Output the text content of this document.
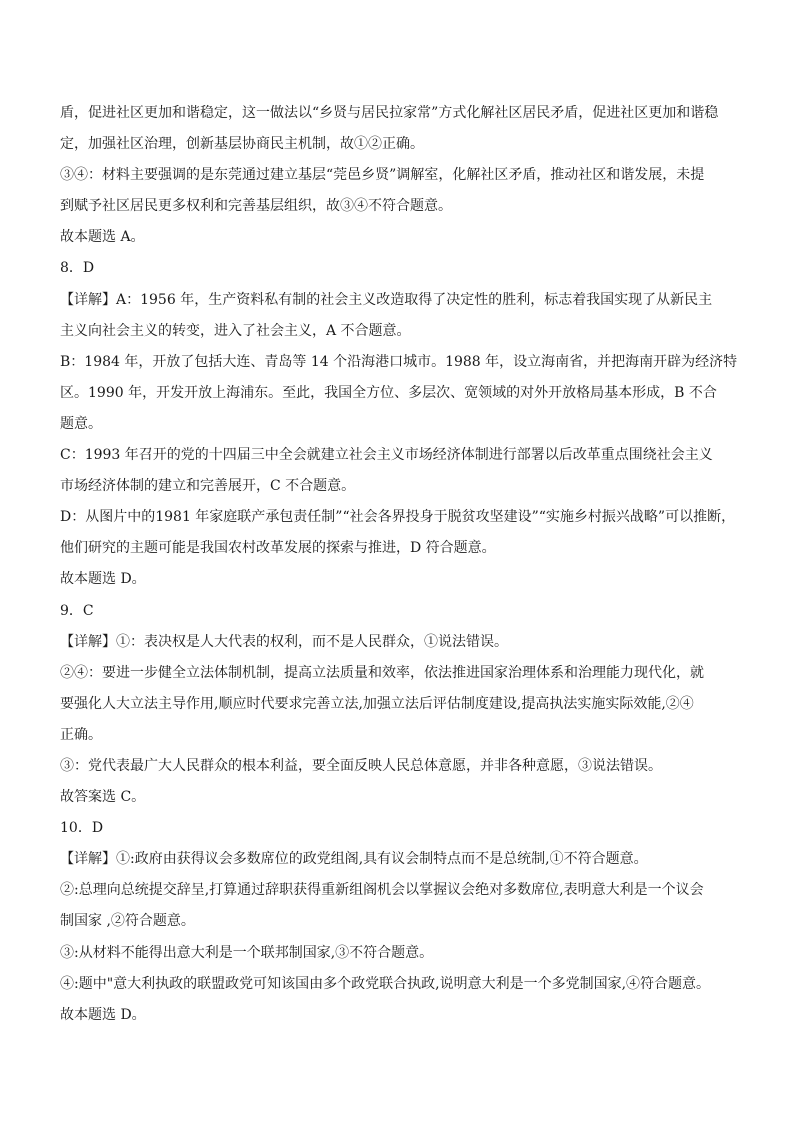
盾，促进社区更加和谐稳定，这一做法以“乡贤与居民拉家常”方式化解社区居民矛盾，促进社区更加和谐稳
定，加强社区治理，创新基层协商民主机制，故①②正确。
③④：材料主要强调的是东莞通过建立基层“莞邑乡贤”调解室，化解社区矛盾，推动社区和谐发展，未提
到赋予社区居民更多权利和完善基层组织，故③④不符合题意。
故本题选 A。
8．D
【详解】A：1956 年，生产资料私有制的社会主义改造取得了决定性的胜利，标志着我国实现了从新民主
主义向社会主义的转变，进入了社会主义，A 不合题意。
B：1984 年，开放了包括大连、青岛等 14 个沿海港口城市。1988 年，设立海南省，并把海南开辟为经济特
区。1990 年，开发开放上海浦东。至此，我国全方位、多层次、宽领域的对外开放格局基本形成，B 不合
题意。
C：1993 年召开的党的十四届三中全会就建立社会主义市场经济体制进行部署以后改革重点围绕社会主义
市场经济体制的建立和完善展开，C 不合题意。
D：从图片中的1981 年家庭联产承包责任制”“社会各界投身于脱贫攻坚建设”“实施乡村振兴战略”可以推断，
他们研究的主题可能是我国农村改革发展的探索与推进，D 符合题意。
故本题选 D。
9．C
【详解】①：表决权是人大代表的权利，而不是人民群众，①说法错误。
②④：要进一步健全立法体制机制，提高立法质量和效率，依法推进国家治理体系和治理能力现代化，就
要强化人大立法主导作用,顺应时代要求完善立法,加强立法后评估制度建设,提高执法实施实际效能,②④
正确。
③：党代表最广大人民群众的根本利益，要全面反映人民总体意愿，并非各种意愿，③说法错误。
故答案选 C。
10．D
【详解】①:政府由获得议会多数席位的政党组阁,具有议会制特点而不是总统制,①不符合题意。
②:总理向总统提交辞呈,打算通过辞职获得重新组阁机会以掌握议会绝对多数席位,表明意大利是一个议会
制国家 ,②符合题意。
③:从材料不能得出意大利是一个联邦制国家,③不符合题意。
④:题中"意大利执政的联盟政党可知该国由多个政党联合执政,说明意大利是一个多党制国家,④符合题意。
故本题选 D。
